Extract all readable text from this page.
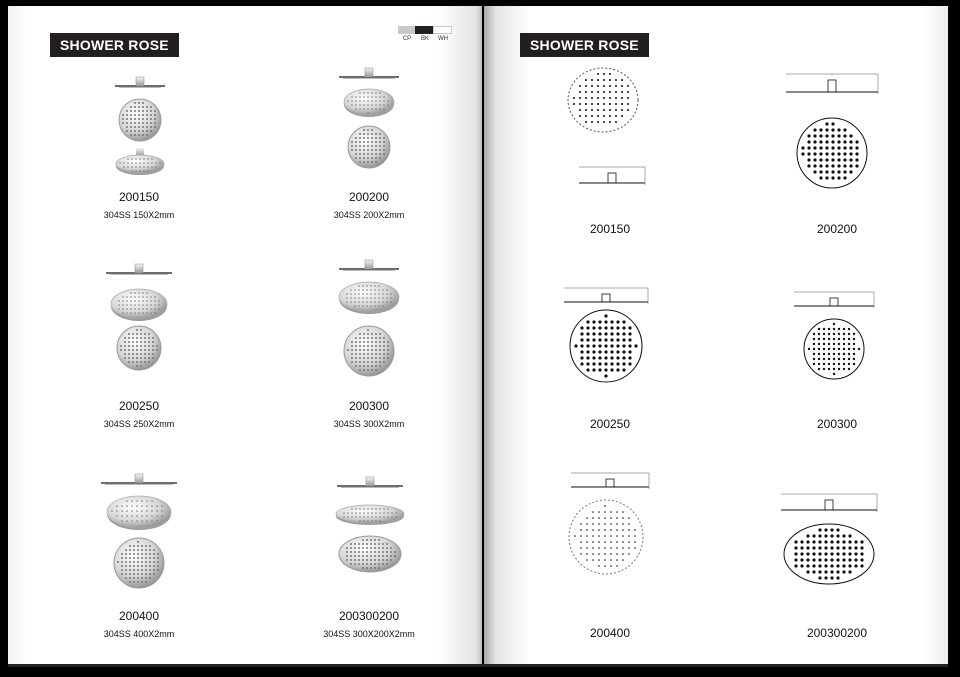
SHOWER ROSE	CP	BK	WH	SHOWER ROSE
200150
304SS 150X2mm
200200
304SS 200X2mm
200250
304SS 250X2mm
200300
304SS 300X2mm
200400
304SS 400X2mm
200300200
304SS 300X200X2mm
200150	200200
200250	200300
200400	200300200
